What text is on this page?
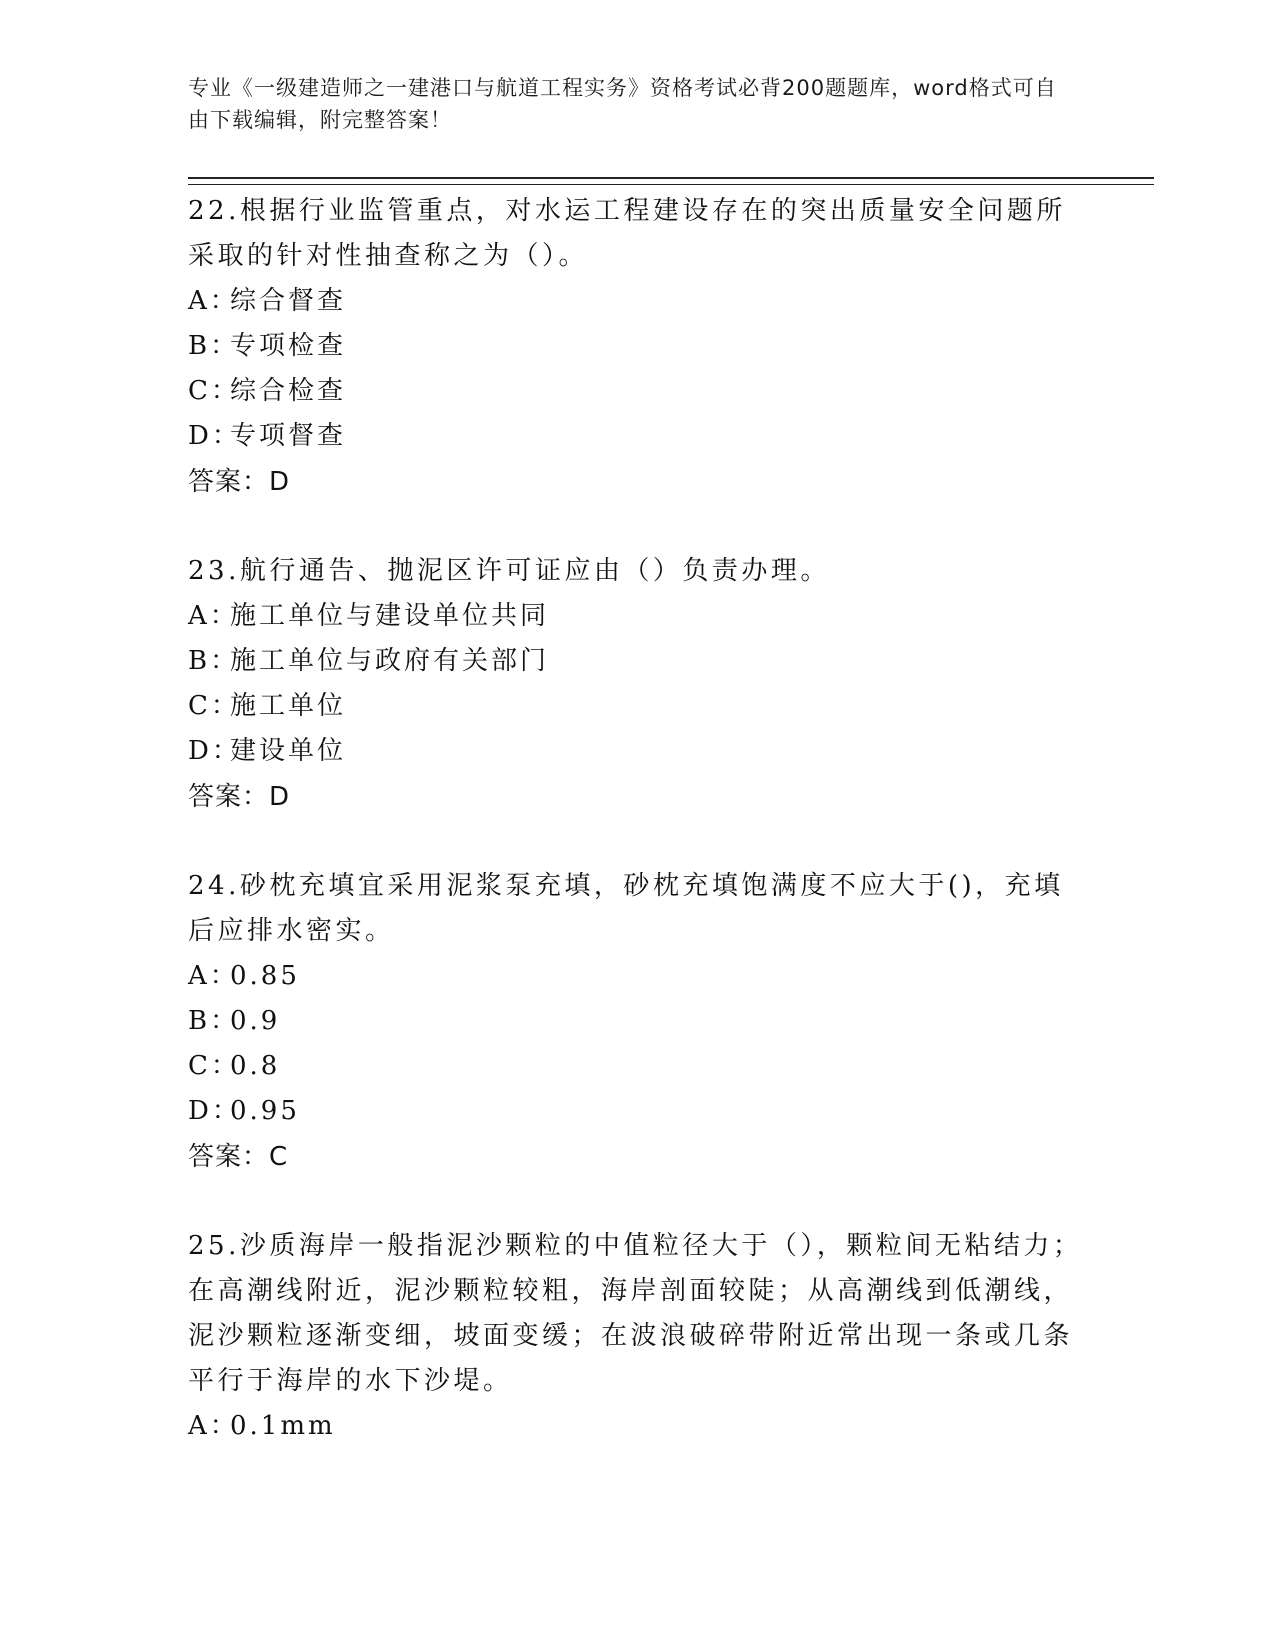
专业《一级建造师之一建港口与航道工程实务》资格考试必背200题题库，word格式可自由下载编辑，附完整答案！

22.根据行业监管重点，对水运工程建设存在的突出质量安全问题所采取的针对性抽查称之为（）。

A：综合督查

B：专项检查

C：综合检查

D：专项督查

答案：D

23.航行通告、抛泥区许可证应由（）负责办理。

A：施工单位与建设单位共同

B：施工单位与政府有关部门

C：施工单位

D：建设单位

答案：D

24.砂枕充填宜采用泥浆泵充填，砂枕充填饱满度不应大于()，充填后应排水密实。

A：0.85

B：0.9

C：0.8

D：0.95

答案：C

25.沙质海岸一般指泥沙颗粒的中值粒径大于（），颗粒间无粘结力；在高潮线附近，泥沙颗粒较粗，海岸剖面较陡；从高潮线到低潮线，泥沙颗粒逐渐变细，坡面变缓；在波浪破碎带附近常出现一条或几条平行于海岸的水下沙堤。

A：0.1mm
